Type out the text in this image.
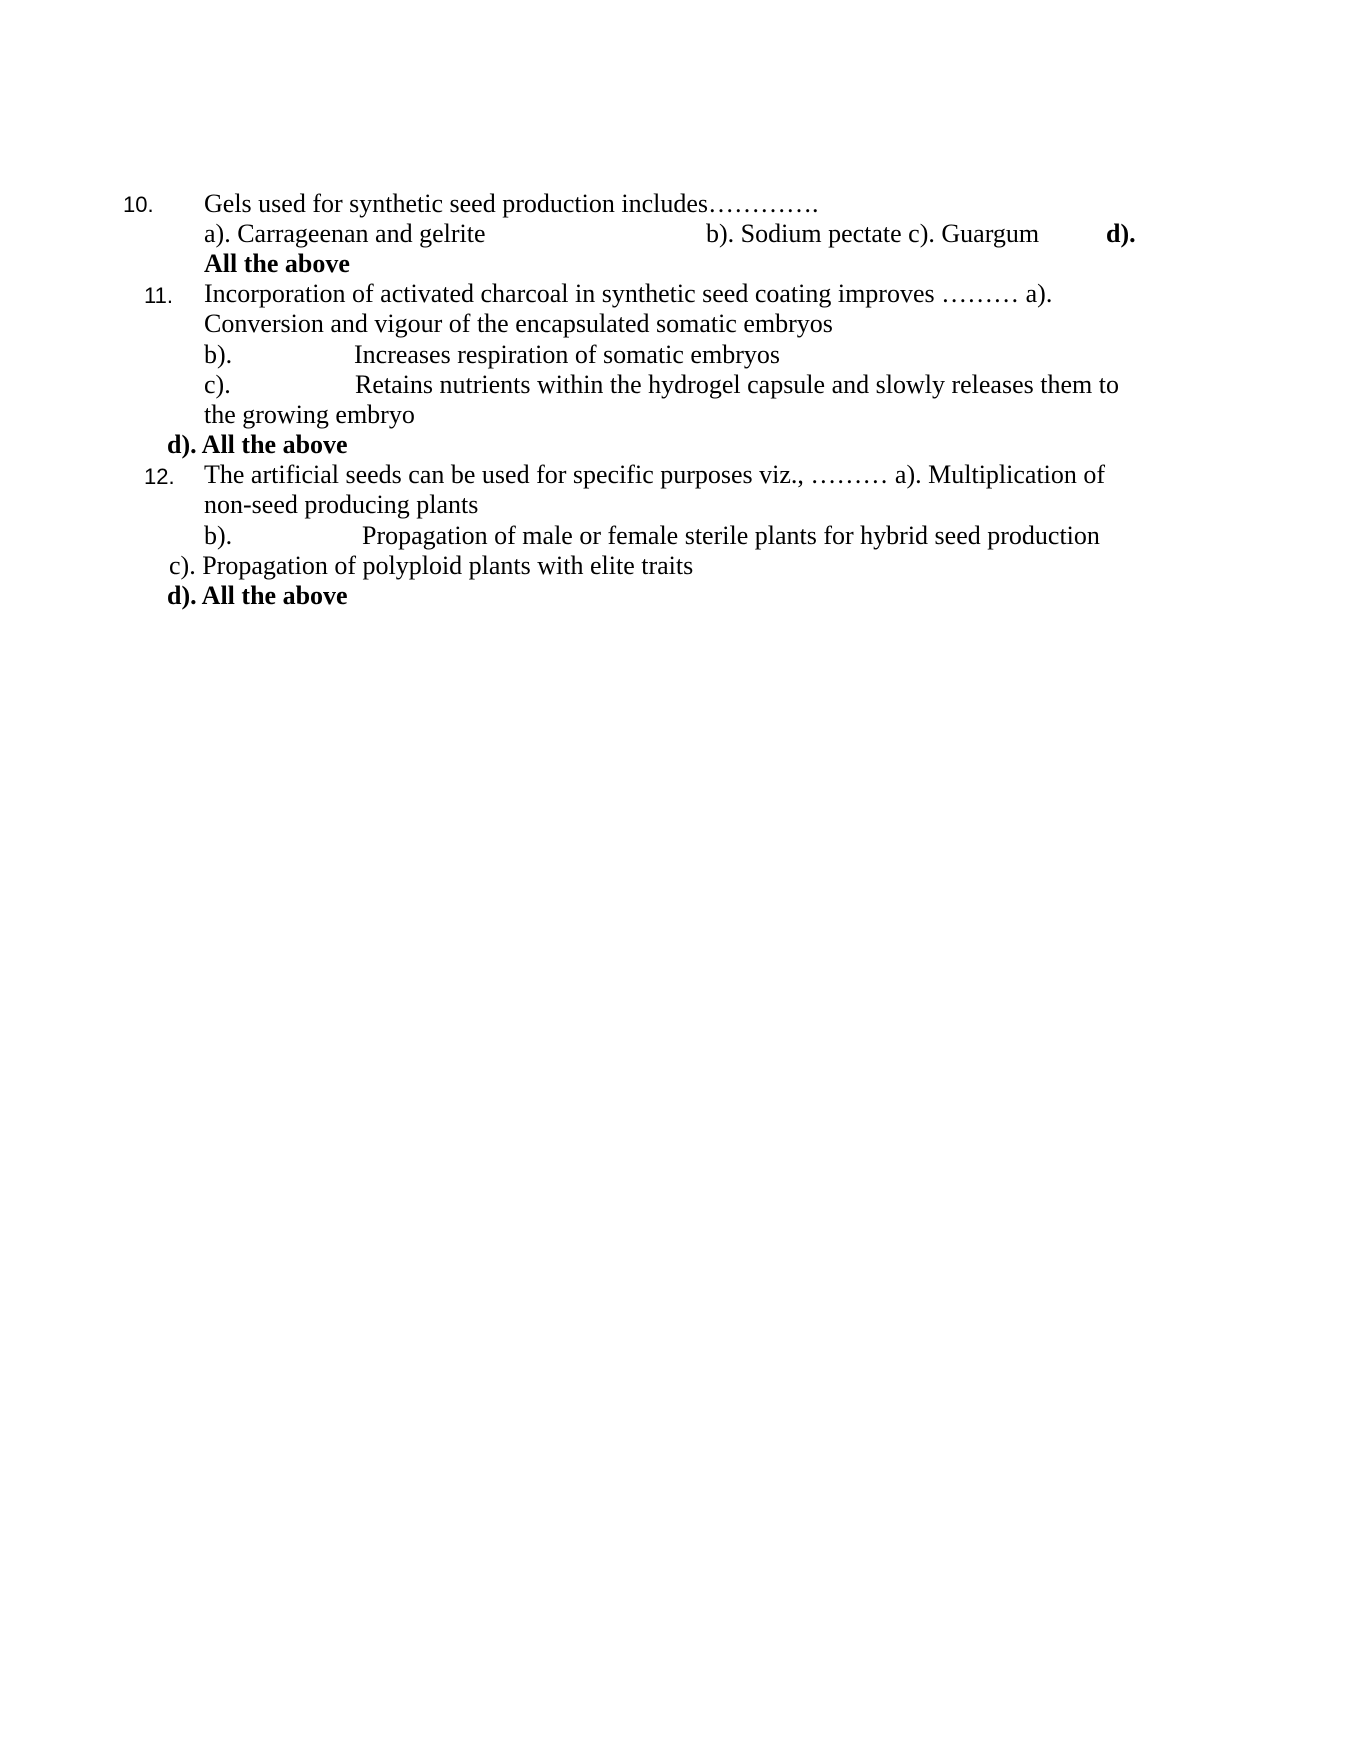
10. Gels used for synthetic seed production includes………….
a). Carrageenan and gelrite	b). Sodium pectate c). Guargum	d).
All the above
11. Incorporation of activated charcoal in synthetic seed coating improves ……… a).
Conversion and vigour of the encapsulated somatic embryos
b).	Increases respiration of somatic embryos
c).	Retains nutrients within the hydrogel capsule and slowly releases them to
the growing embryo
d). All the above
12. The artificial seeds can be used for specific purposes viz., ……… a). Multiplication of
non-seed producing plants
b).	Propagation of male or female sterile plants for hybrid seed production
c). Propagation of polyploid plants with elite traits
d). All the above
